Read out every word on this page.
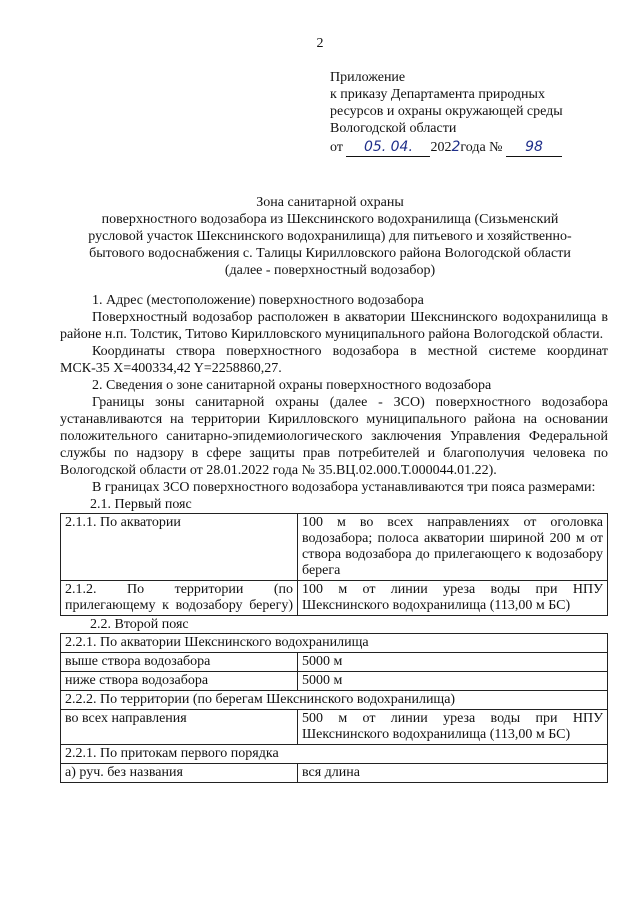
2
Приложение
к приказу Департамента природных
ресурсов и охраны окружающей среды
Вологодской области
от 05. 04. 2022года № 98
Зона санитарной охраны
поверхностного водозабора из Шекснинского водохранилища (Сизьменский
русловой участок Шекснинского водохранилища) для питьевого и хозяйственно-
бытового водоснабжения с. Талицы Кирилловского района Вологодской области
(далее - поверхностный водозабор)
1. Адрес (местоположение) поверхностного водозабора
Поверхностный водозабор расположен в акватории Шекснинского водохранилища в районе н.п. Толстик, Титово Кирилловского муниципального района Вологодской области.
Координаты створа поверхностного водозабора в местной системе координат МСК-35 X=400334,42 Y=2258860,27.
2. Сведения о зоне санитарной охраны поверхностного водозабора
Границы зоны санитарной охраны (далее - ЗСО) поверхностного водозабора устанавливаются на территории Кирилловского муниципального района на основании положительного санитарно-эпидемиологического заключения Управления Федеральной службы по надзору в сфере защиты прав потребителей и благополучия человека по Вологодской области от 28.01.2022 года № 35.ВЦ.02.000.Т.000044.01.22).
В границах ЗСО поверхностного водозабора устанавливаются три пояса размерами:
2.1. Первый пояс
2.1.1. По акватории	100 м во всех направлениях от оголовка водозабора; полоса акватории шириной 200 м от створа водозабора до прилегающего к водозабору берега
2.1.2. По территории (по прилегающему к водозабору берегу)	100 м от линии уреза воды при НПУ Шекснинского водохранилища (113,00 м БС)
2.2. Второй пояс
2.2.1. По акватории Шекснинского водохранилища	
выше створа водозабора	5000 м
ниже створа водозабора	5000 м
2.2.2. По территории (по берегам Шекснинского водохранилища)	
во всех направления	500 м от линии уреза воды при НПУ Шекснинского водохранилища (113,00 м БС)
2.2.1. По притокам первого порядка	
а) руч. без названия	вся длина
